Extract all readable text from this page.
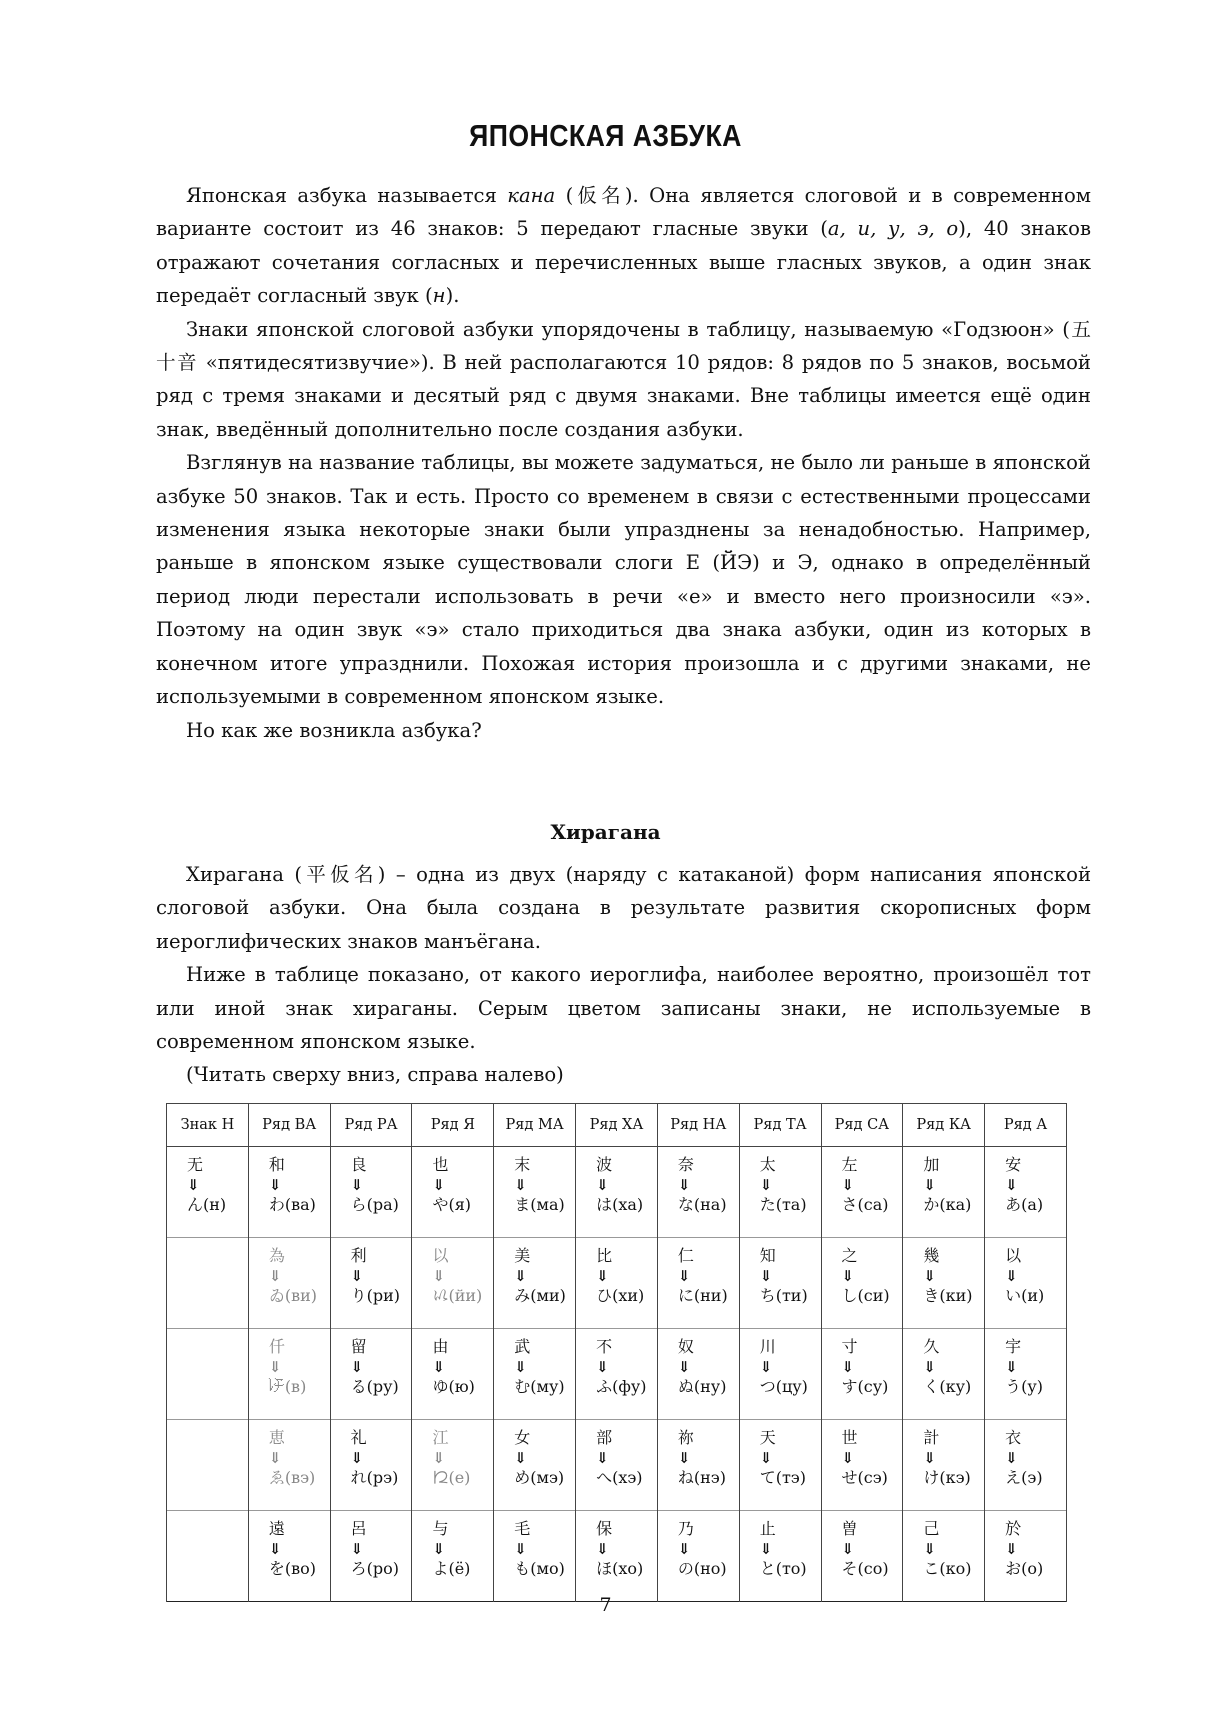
ЯПОНСКАЯ АЗБУКА

Японская азбука называется кана (仮名). Она является слоговой и в современном варианте состоит из 46 знаков: 5 передают гласные звуки (а, и, у, э, о), 40 знаков отражают сочетания согласных и перечисленных выше гласных звуков, а один знак передаёт согласный звук (н).

Знаки японской слоговой азбуки упорядочены в таблицу, называемую «Годзюон» (五十音 «пятидесятизвучие»). В ней располагаются 10 рядов: 8 рядов по 5 знаков, восьмой ряд с тремя знаками и десятый ряд с двумя знаками. Вне таблицы имеется ещё один знак, введённый дополнительно после создания азбуки.

Взглянув на название таблицы, вы можете задуматься, не было ли раньше в японской азбуке 50 знаков. Так и есть. Просто со временем в связи с естественными процессами изменения языка некоторые знаки были упразднены за ненадобностью. Например, раньше в японском языке существовали слоги Е (ЙЭ) и Э, однако в определённый период люди перестали использовать в речи «е» и вместо него произносили «э». Поэтому на один звук «э» стало приходиться два знака азбуки, один из которых в конечном итоге упразднили. Похожая история произошла и с другими знаками, не используемыми в современном японском языке.

Но как же возникла азбука?

Хирагана

Хирагана (平仮名) – одна из двух (наряду с катаканой) форм написания японской слоговой азбуки. Она была создана в результате развития скорописных форм иероглифических знаков манъёгана.

Ниже в таблице показано, от какого иероглифа, наиболее вероятно, произошёл тот или иной знак хираганы. Серым цветом записаны знаки, не используемые в современном японском языке.

(Читать сверху вниз, справа налево)

Знак Н	Ряд ВА	Ряд РА	Ряд Я	Ряд МА	Ряд ХА	Ряд НА	Ряд ТА	Ряд СА	Ряд КА	Ряд А

无
⇓
ん(н)	和
⇓
わ(ва)	良
⇓
ら(ра)	也
⇓
や(я)	末
⇓
ま(ма)	波
⇓
は(ха)	奈
⇓
な(на)	太
⇓
た(та)	左
⇓
さ(са)	加
⇓
か(ка)	安
⇓
あ(а)

	為
⇓
ゐ(ви)	利
⇓
り(ри)	以
⇓
𛀆(йи)	美
⇓
み(ми)	比
⇓
ひ(хи)	仁
⇓
に(ни)	知
⇓
ち(ти)	之
⇓
し(си)	幾
⇓
き(ки)	以
⇓
い(и)

	仟
⇓
𛄟(в)	留
⇓
る(ру)	由
⇓
ゆ(ю)	武
⇓
む(му)	不
⇓
ふ(фу)	奴
⇓
ぬ(ну)	川
⇓
つ(цу)	寸
⇓
す(су)	久
⇓
く(ку)	宇
⇓
う(у)

	恵
⇓
ゑ(вэ)	礼
⇓
れ(рэ)	江
⇓
𛀁(е)	女
⇓
め(мэ)	部
⇓
へ(хэ)	祢
⇓
ね(нэ)	天
⇓
て(тэ)	世
⇓
せ(сэ)	計
⇓
け(кэ)	衣
⇓
え(э)

	遠
⇓
を(во)	呂
⇓
ろ(ро)	与
⇓
よ(ё)	毛
⇓
も(мо)	保
⇓
ほ(хо)	乃
⇓
の(но)	止
⇓
と(то)	曽
⇓
そ(со)	己
⇓
こ(ко)	於
⇓
お(о)
7
